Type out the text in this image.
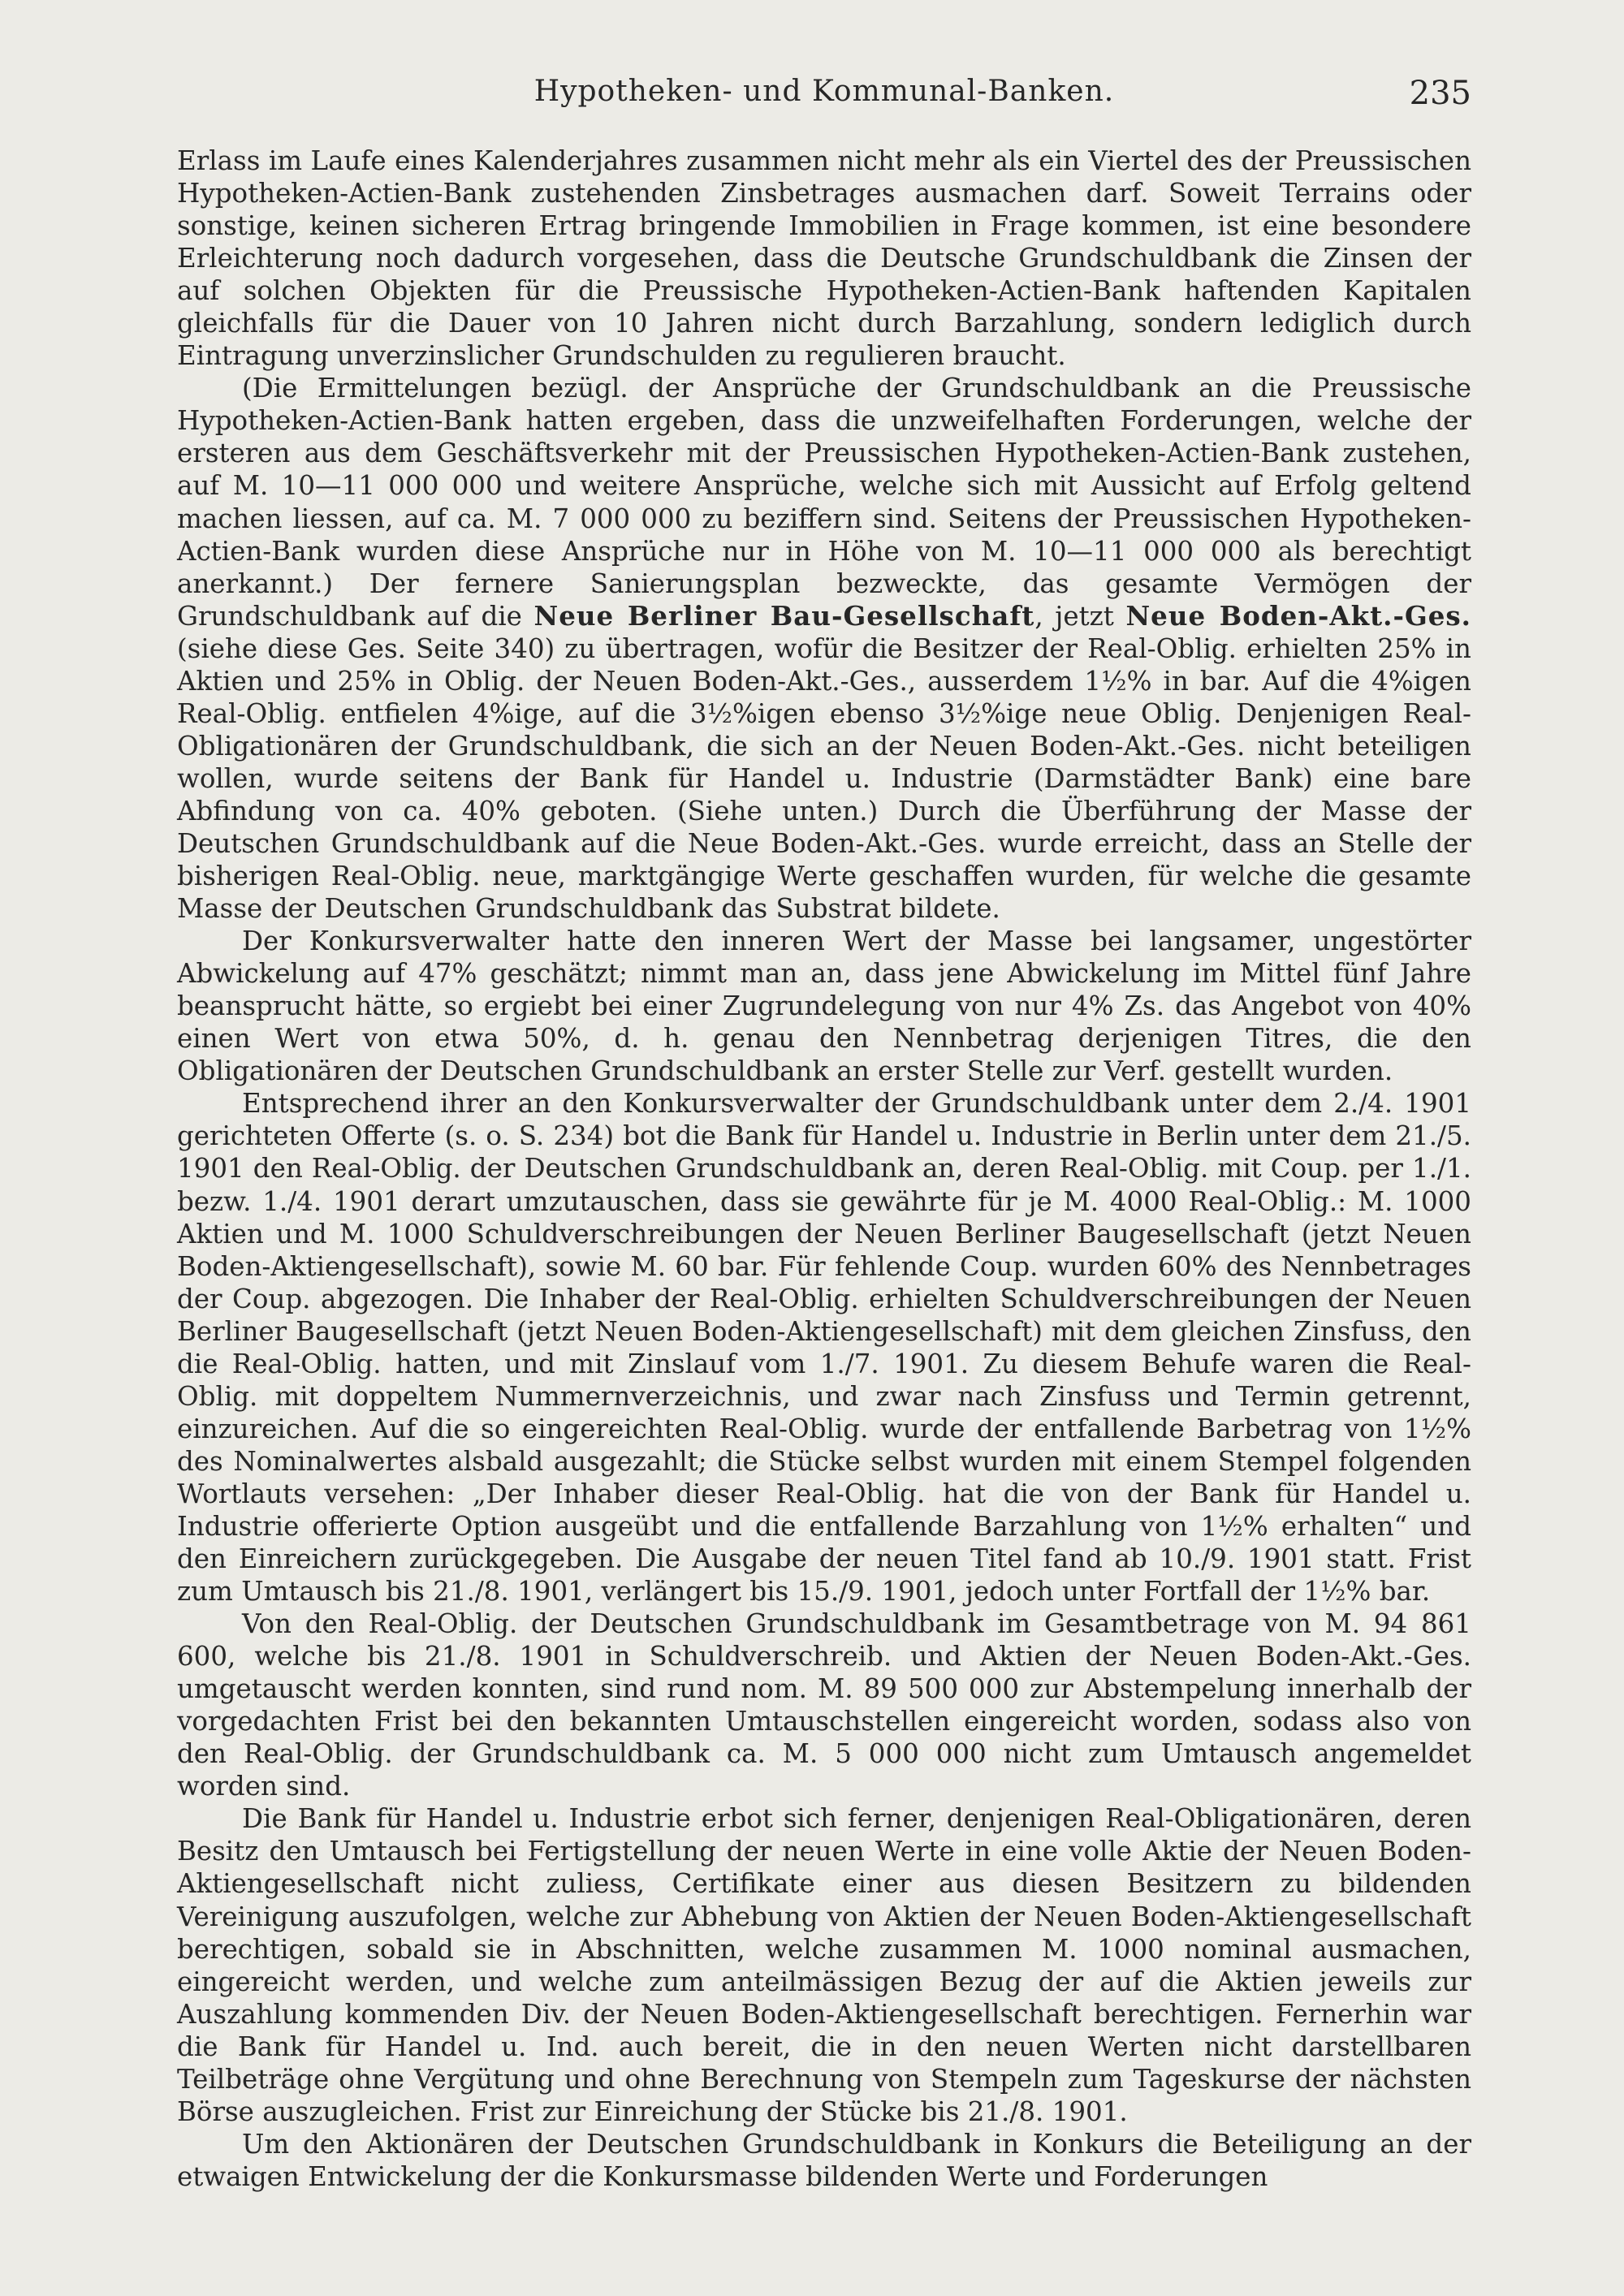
Hypotheken- und Kommunal-Banken.	235

Erlass im Laufe eines Kalenderjahres zusammen nicht mehr als ein Viertel des der Preussischen Hypotheken-Actien-Bank zustehenden Zinsbetrages ausmachen darf. Soweit Terrains oder sonstige, keinen sicheren Ertrag bringende Immobilien in Frage kommen, ist eine besondere Erleichterung noch dadurch vorgesehen, dass die Deutsche Grundschuldbank die Zinsen der auf solchen Objekten für die Preussische Hypotheken-Actien-Bank haftenden Kapitalen gleichfalls für die Dauer von 10 Jahren nicht durch Barzahlung, sondern lediglich durch Eintragung unverzinslicher Grundschulden zu regulieren braucht.

(Die Ermittelungen bezügl. der Ansprüche der Grundschuldbank an die Preussische Hypotheken-Actien-Bank hatten ergeben, dass die unzweifelhaften Forderungen, welche der ersteren aus dem Geschäftsverkehr mit der Preussischen Hypotheken-Actien-Bank zustehen, auf M. 10—11 000 000 und weitere Ansprüche, welche sich mit Aussicht auf Erfolg geltend machen liessen, auf ca. M. 7 000 000 zu beziffern sind. Seitens der Preussischen Hypotheken-Actien-Bank wurden diese Ansprüche nur in Höhe von M. 10—11 000 000 als berechtigt anerkannt.) Der fernere Sanierungsplan bezweckte, das gesamte Vermögen der Grundschuldbank auf die Neue Berliner Bau-Gesellschaft, jetzt Neue Boden-Akt.-Ges. (siehe diese Ges. Seite 340) zu übertragen, wofür die Besitzer der Real-Oblig. erhielten 25% in Aktien und 25% in Oblig. der Neuen Boden-Akt.-Ges., ausserdem 1½% in bar. Auf die 4%igen Real-Oblig. entfielen 4%ige, auf die 3½%igen ebenso 3½%ige neue Oblig. Denjenigen Real-Obligationären der Grundschuldbank, die sich an der Neuen Boden-Akt.-Ges. nicht beteiligen wollen, wurde seitens der Bank für Handel u. Industrie (Darmstädter Bank) eine bare Abfindung von ca. 40% geboten. (Siehe unten.) Durch die Überführung der Masse der Deutschen Grundschuldbank auf die Neue Boden-Akt.-Ges. wurde erreicht, dass an Stelle der bisherigen Real-Oblig. neue, marktgängige Werte geschaffen wurden, für welche die gesamte Masse der Deutschen Grundschuldbank das Substrat bildete.

Der Konkursverwalter hatte den inneren Wert der Masse bei langsamer, ungestörter Abwickelung auf 47% geschätzt; nimmt man an, dass jene Abwickelung im Mittel fünf Jahre beansprucht hätte, so ergiebt bei einer Zugrundelegung von nur 4% Zs. das Angebot von 40% einen Wert von etwa 50%, d. h. genau den Nennbetrag derjenigen Titres, die den Obligationären der Deutschen Grundschuldbank an erster Stelle zur Verf. gestellt wurden.

Entsprechend ihrer an den Konkursverwalter der Grundschuldbank unter dem 2./4. 1901 gerichteten Offerte (s. o. S. 234) bot die Bank für Handel u. Industrie in Berlin unter dem 21./5. 1901 den Real-Oblig. der Deutschen Grundschuldbank an, deren Real-Oblig. mit Coup. per 1./1. bezw. 1./4. 1901 derart umzutauschen, dass sie gewährte für je M. 4000 Real-Oblig.: M. 1000 Aktien und M. 1000 Schuldverschreibungen der Neuen Berliner Baugesellschaft (jetzt Neuen Boden-Aktiengesellschaft), sowie M. 60 bar. Für fehlende Coup. wurden 60% des Nennbetrages der Coup. abgezogen. Die Inhaber der Real-Oblig. erhielten Schuldverschreibungen der Neuen Berliner Baugesellschaft (jetzt Neuen Boden-Aktiengesellschaft) mit dem gleichen Zinsfuss, den die Real-Oblig. hatten, und mit Zinslauf vom 1./7. 1901. Zu diesem Behufe waren die Real-Oblig. mit doppeltem Nummernverzeichnis, und zwar nach Zinsfuss und Termin getrennt, einzureichen. Auf die so eingereichten Real-Oblig. wurde der entfallende Barbetrag von 1½% des Nominalwertes alsbald ausgezahlt; die Stücke selbst wurden mit einem Stempel folgenden Wortlauts versehen: „Der Inhaber dieser Real-Oblig. hat die von der Bank für Handel u. Industrie offerierte Option ausgeübt und die entfallende Barzahlung von 1½% erhalten“ und den Einreichern zurückgegeben. Die Ausgabe der neuen Titel fand ab 10./9. 1901 statt. Frist zum Umtausch bis 21./8. 1901, verlängert bis 15./9. 1901, jedoch unter Fortfall der 1½% bar.

Von den Real-Oblig. der Deutschen Grundschuldbank im Gesamtbetrage von M. 94 861 600, welche bis 21./8. 1901 in Schuldverschreib. und Aktien der Neuen Boden-Akt.-Ges. umgetauscht werden konnten, sind rund nom. M. 89 500 000 zur Abstempelung innerhalb der vorgedachten Frist bei den bekannten Umtauschstellen eingereicht worden, sodass also von den Real-Oblig. der Grundschuldbank ca. M. 5 000 000 nicht zum Umtausch angemeldet worden sind.

Die Bank für Handel u. Industrie erbot sich ferner, denjenigen Real-Obligationären, deren Besitz den Umtausch bei Fertigstellung der neuen Werte in eine volle Aktie der Neuen Boden-Aktiengesellschaft nicht zuliess, Certifikate einer aus diesen Besitzern zu bildenden Vereinigung auszufolgen, welche zur Abhebung von Aktien der Neuen Boden-Aktiengesellschaft berechtigen, sobald sie in Abschnitten, welche zusammen M. 1000 nominal ausmachen, eingereicht werden, und welche zum anteilmässigen Bezug der auf die Aktien jeweils zur Auszahlung kommenden Div. der Neuen Boden-Aktiengesellschaft berechtigen. Fernerhin war die Bank für Handel u. Ind. auch bereit, die in den neuen Werten nicht darstellbaren Teilbeträge ohne Vergütung und ohne Berechnung von Stempeln zum Tageskurse der nächsten Börse auszugleichen. Frist zur Einreichung der Stücke bis 21./8. 1901.

Um den Aktionären der Deutschen Grundschuldbank in Konkurs die Beteiligung an der etwaigen Entwickelung der die Konkursmasse bildenden Werte und Forderungen
